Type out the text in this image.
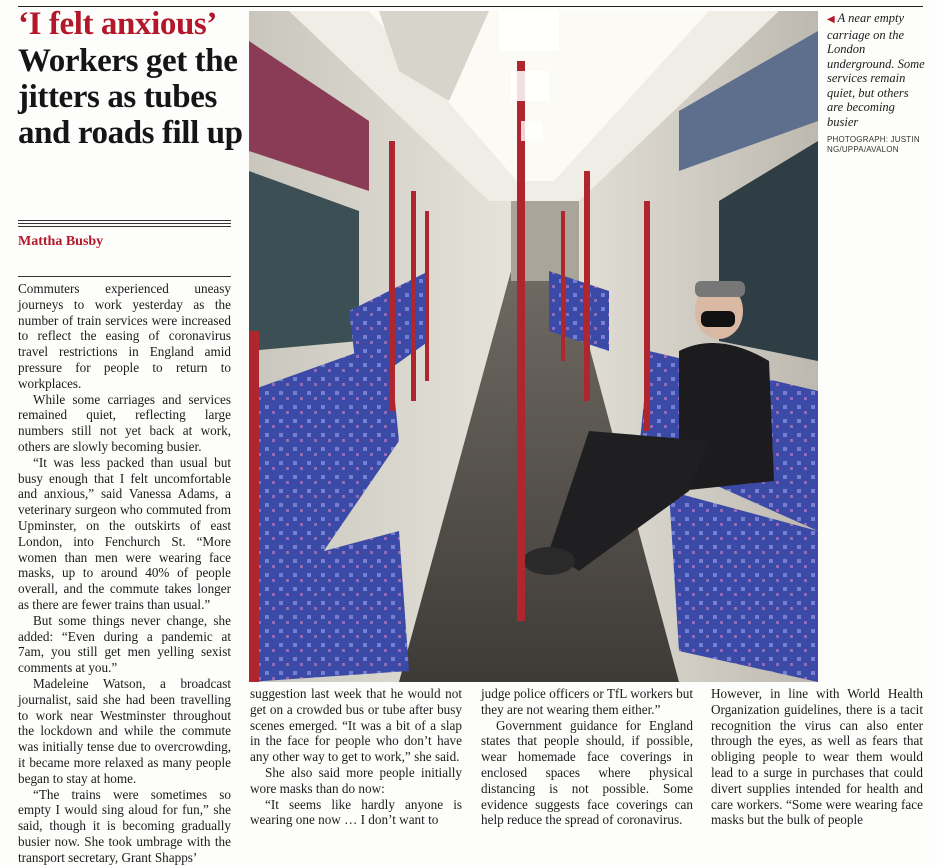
‘I felt anxious’
Workers get the jitters as tubes and roads fill up
Mattha Busby

Commuters experienced uneasy journeys to work yesterday as the number of train services were increased to reflect the easing of coronavirus travel restrictions in England amid pressure for people to return to workplaces.

While some carriages and services remained quiet, reflecting large numbers still not yet back at work, others are slowly becoming busier.

“It was less packed than usual but busy enough that I felt uncomfortable and anxious,” said Vanessa Adams, a veterinary surgeon who commuted from Upminster, on the outskirts of east London, into Fenchurch St. “More women than men were wearing face masks, up to around 40% of people overall, and the commute takes longer as there are fewer trains than usual.”

But some things never change, she added: “Even during a pandemic at 7am, you still get men yelling sexist comments at you.”

Madeleine Watson, a broadcast journalist, said she had been travelling to work near Westminster throughout the lockdown and while the commute was initially tense due to overcrowding, it became more relaxed as many people began to stay at home.

“The trains were sometimes so empty I would sing aloud for fun,” she said, though it is becoming gradually busier now. She took umbrage with the transport secretary, Grant Shapps’

suggestion last week that he would not get on a crowded bus or tube after busy scenes emerged. “It was a bit of a slap in the face for people who don’t have any other way to get to work,” she said.

She also said more people initially wore masks than do now:

“It seems like hardly anyone is wearing one now … I don’t want to

judge police officers or TfL workers but they are not wearing them either.”

Government guidance for England states that people should, if possible, wear homemade face coverings in enclosed spaces where physical distancing is not possible. Some evidence suggests face coverings can help reduce the spread of coronavirus.

However, in line with World Health Organization guidelines, there is a tacit recognition the virus can also enter through the eyes, as well as fears that obliging people to wear them would lead to a surge in purchases that could divert supplies intended for health and care workers. “Some were wearing face masks but the bulk of people

◀ A near empty carriage on the London underground. Some services remain quiet, but others are becoming busier
PHOTOGRAPH: JUSTIN NG/UPPA/AVALON
